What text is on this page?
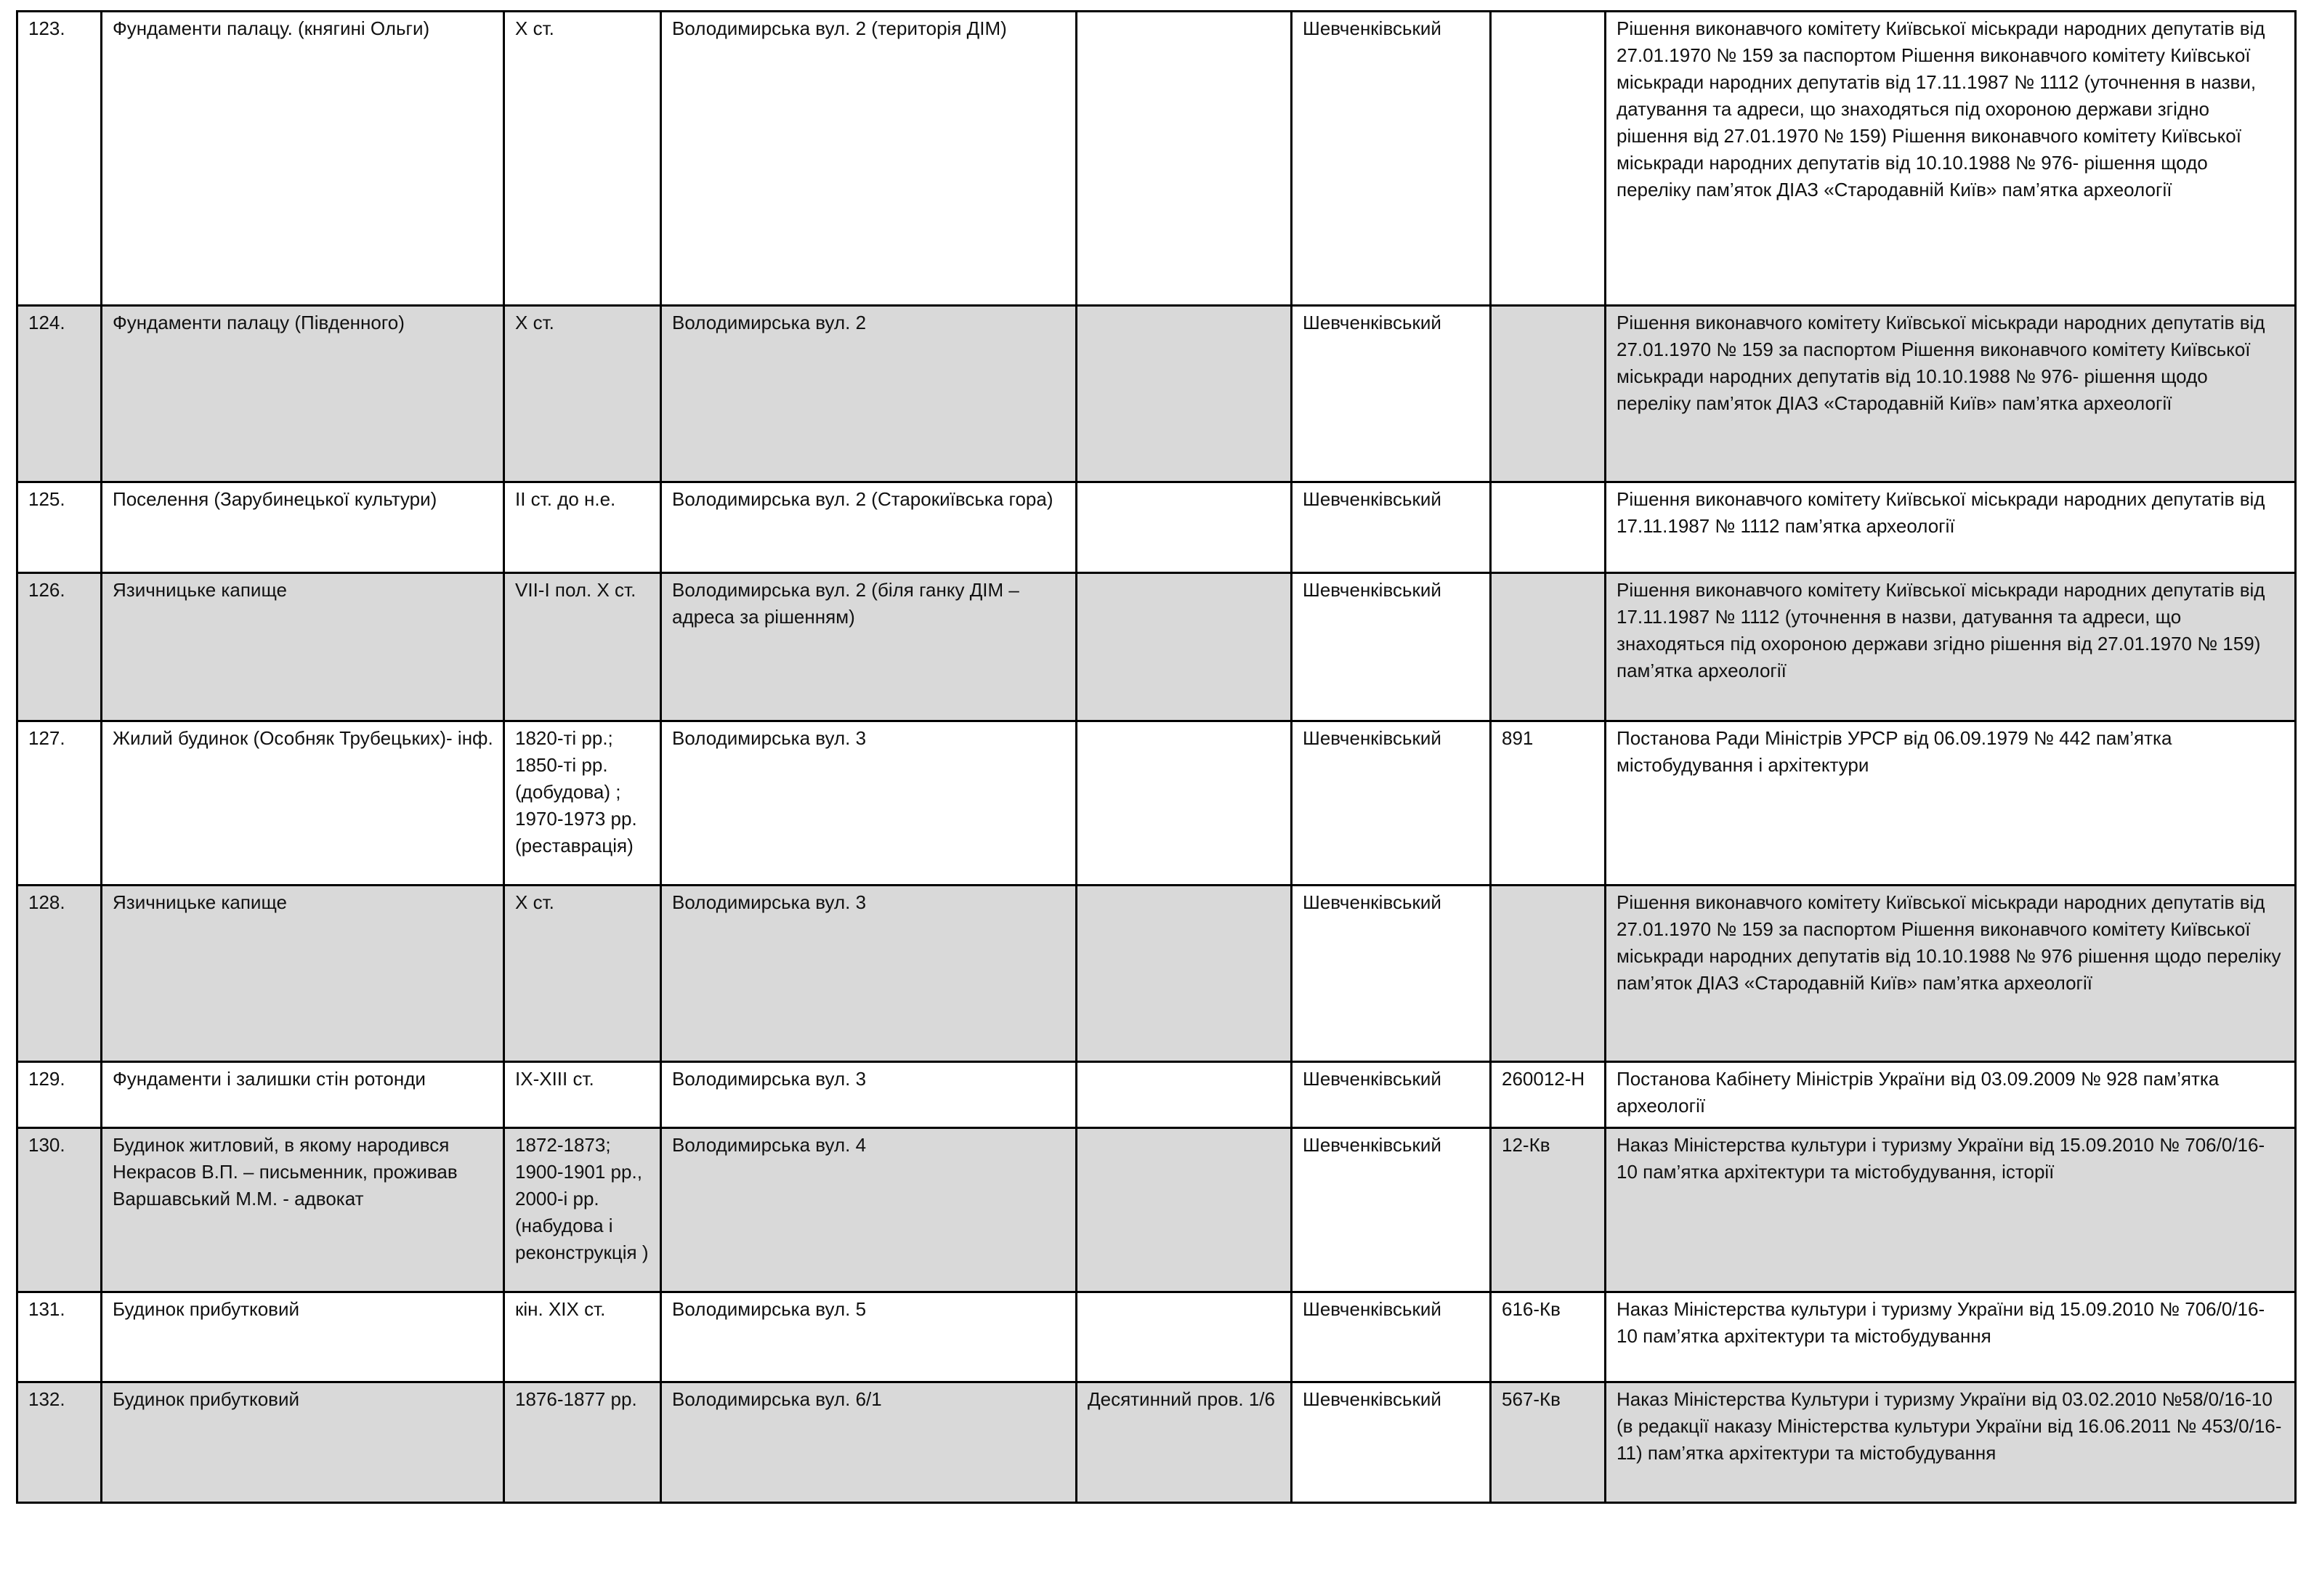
123.	Фундаменти палацу. (княгині Ольги)	Х ст.	Володимирська вул. 2 (територія ДІМ)		Шевченківський		Рішення виконавчого комітету Київської міськради народних депутатів від 27.01.1970 № 159 за паспортом Рішення виконавчого комітету Київської міськради народних депутатів від 17.11.1987 № 1112 (уточнення в назви, датування та адреси, що знаходяться під охороною держави згідно рішення від 27.01.1970 № 159) Рішення виконавчого комітету Київської міськради народних депутатів від 10.10.1988 № 976- рішення щодо переліку пам’яток ДІАЗ «Стародавній Київ» пам’ятка археології
124.	Фундаменти палацу (Південного)	Х ст.	Володимирська вул. 2		Шевченківський		Рішення виконавчого комітету Київської міськради народних депутатів від 27.01.1970 № 159 за паспортом Рішення виконавчого комітету Київської міськради народних депутатів від 10.10.1988 № 976- рішення щодо переліку пам’яток ДІАЗ «Стародавній Київ» пам’ятка археології
125.	Поселення (Зарубинецької культури)	ІІ ст. до н.е.	Володимирська вул. 2 (Старокиївська гора)		Шевченківський		Рішення виконавчого комітету Київської міськради народних депутатів від 17.11.1987 № 1112 пам’ятка археології
126.	Язичницьке капище	VII-І пол. Х ст.	Володимирська вул. 2 (біля ганку ДІМ – адреса за рішенням)		Шевченківський		Рішення виконавчого комітету Київської міськради народних депутатів від 17.11.1987 № 1112 (уточнення в назви, датування та адреси, що знаходяться під охороною держави згідно рішення від 27.01.1970 № 159) пам’ятка археології
127.	Жилий будинок (Особняк Трубецьких)- інф.	1820-ті рр.; 1850-ті рр.(добудова) ; 1970-1973 рр.(реставрація)	Володимирська вул. 3		Шевченківський	891	Постанова Ради Міністрів УРСР від 06.09.1979 № 442 пам’ятка містобудування і архітектури
128.	Язичницьке капище	Х ст.	Володимирська вул. 3		Шевченківський		Рішення виконавчого комітету Київської міськради народних депутатів від 27.01.1970 № 159 за паспортом Рішення виконавчого комітету Київської міськради народних депутатів від 10.10.1988 № 976 рішення щодо переліку пам’яток ДІАЗ «Стародавній Київ» пам’ятка археології
129.	Фундаменти і залишки стін ротонди	ІХ-ХІІІ ст.	Володимирська вул. 3		Шевченківський	260012-Н	Постанова Кабінету Міністрів України від 03.09.2009 № 928 пам’ятка археології
130.	Будинок житловий, в якому народився Некрасов В.П. – письменник, проживав Варшавський М.М. - адвокат	1872-1873; 1900-1901 рр., 2000-і рр. (набудова і реконструкція )	Володимирська вул. 4		Шевченківський	12-Кв	Наказ Міністерства культури і туризму України від 15.09.2010 № 706/0/16-10 пам’ятка архітектури та містобудування, історії
131.	Будинок прибутковий	кін. ХІХ ст.	Володимирська вул. 5		Шевченківський	616-Кв	Наказ Міністерства культури і туризму України від 15.09.2010 № 706/0/16-10 пам’ятка архітектури та містобудування
132.	Будинок прибутковий	1876-1877 рр.	Володимирська вул. 6/1	Десятинний пров. 1/6	Шевченківський	567-Кв	Наказ Міністерства Культури і туризму України від 03.02.2010 №58/0/16-10 (в редакції наказу Міністерства культури України від 16.06.2011 № 453/0/16-11) пам’ятка архітектури та містобудування
